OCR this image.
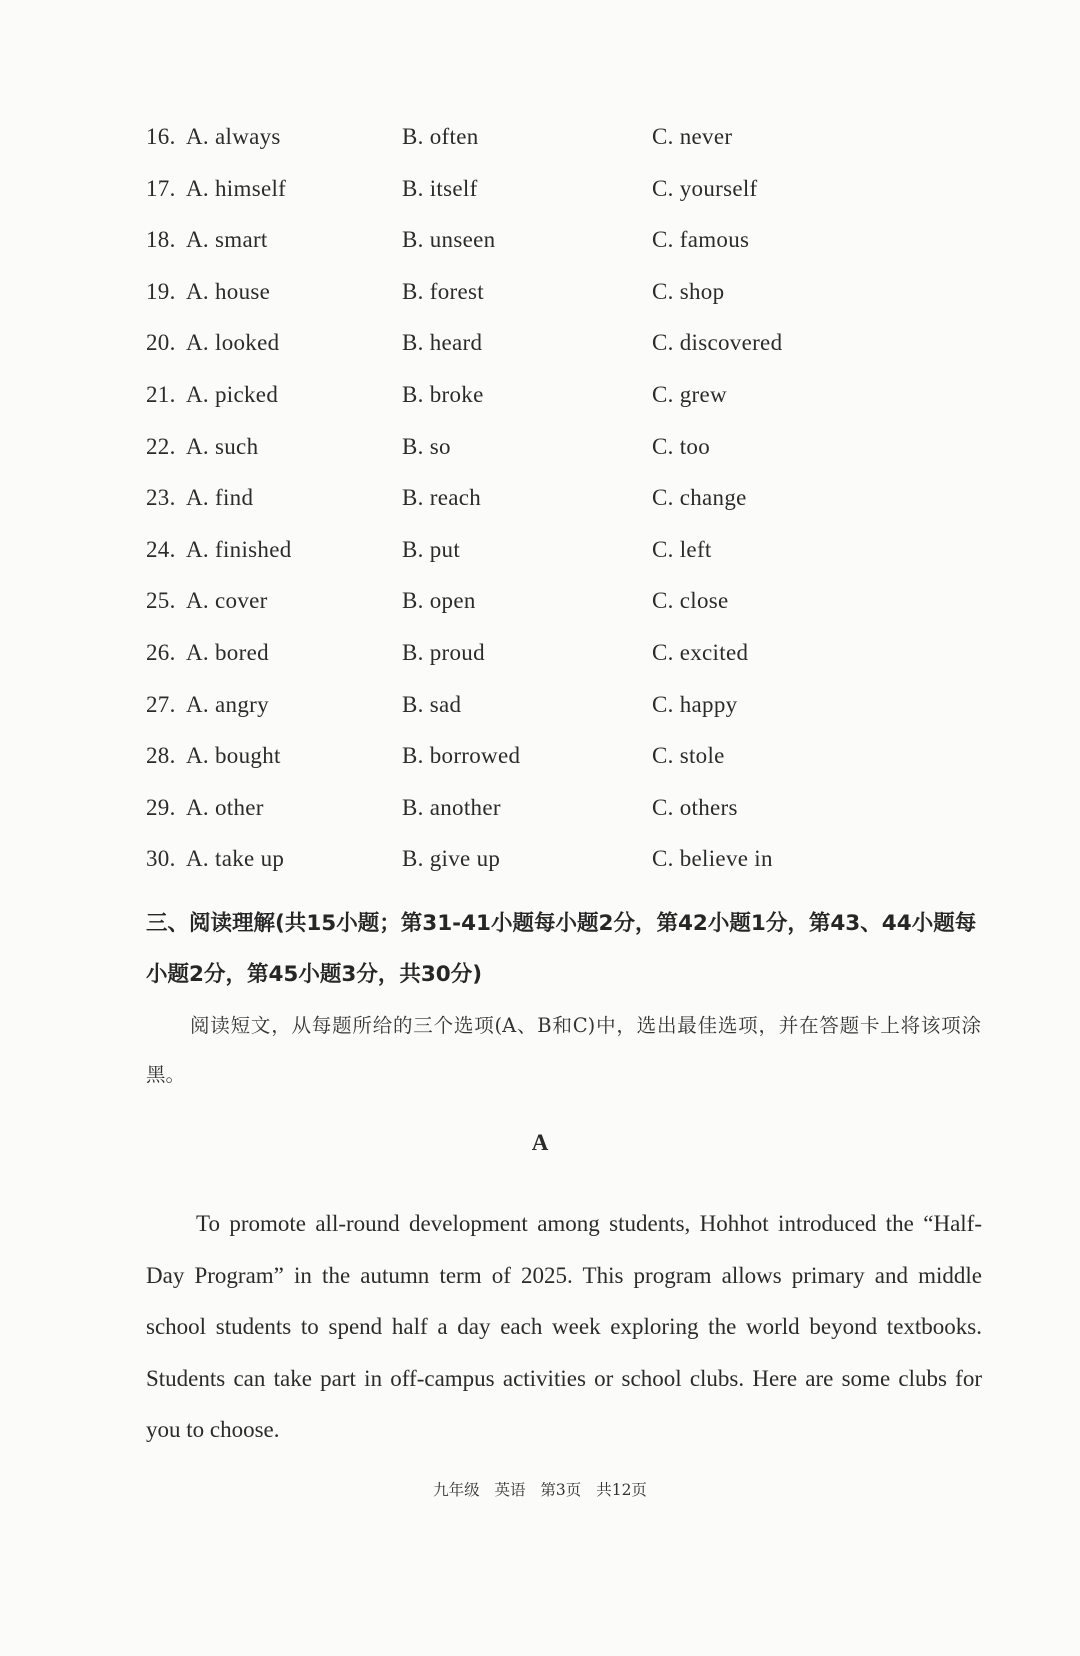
16. A. always	B. often	C. never
17. A. himself	B. itself	C. yourself
18. A. smart	B. unseen	C. famous
19. A. house	B. forest	C. shop
20. A. looked	B. heard	C. discovered
21. A. picked	B. broke	C. grew
22. A. such	B. so	C. too
23. A. find	B. reach	C. change
24. A. finished	B. put	C. left
25. A. cover	B. open	C. close
26. A. bored	B. proud	C. excited
27. A. angry	B. sad	C. happy
28. A. bought	B. borrowed	C. stole
29. A. other	B. another	C. others
30. A. take up	B. give up	C. believe in
三、阅读理解(共15小题；第31-41小题每小题2分，第42小题1分，第43、44小题每小题2分，第45小题3分，共30分)
阅读短文，从每题所给的三个选项(A、B和C)中，选出最佳选项，并在答题卡上将该项涂黑。
A
To promote all-round development among students, Hohhot introduced the “Half-Day Program” in the autumn term of 2025. This program allows primary and middle school students to spend half a day each week exploring the world beyond textbooks. Students can take part in off-campus activities or school clubs. Here are some clubs for you to choose.
九年级 英语 第3页 共12页
